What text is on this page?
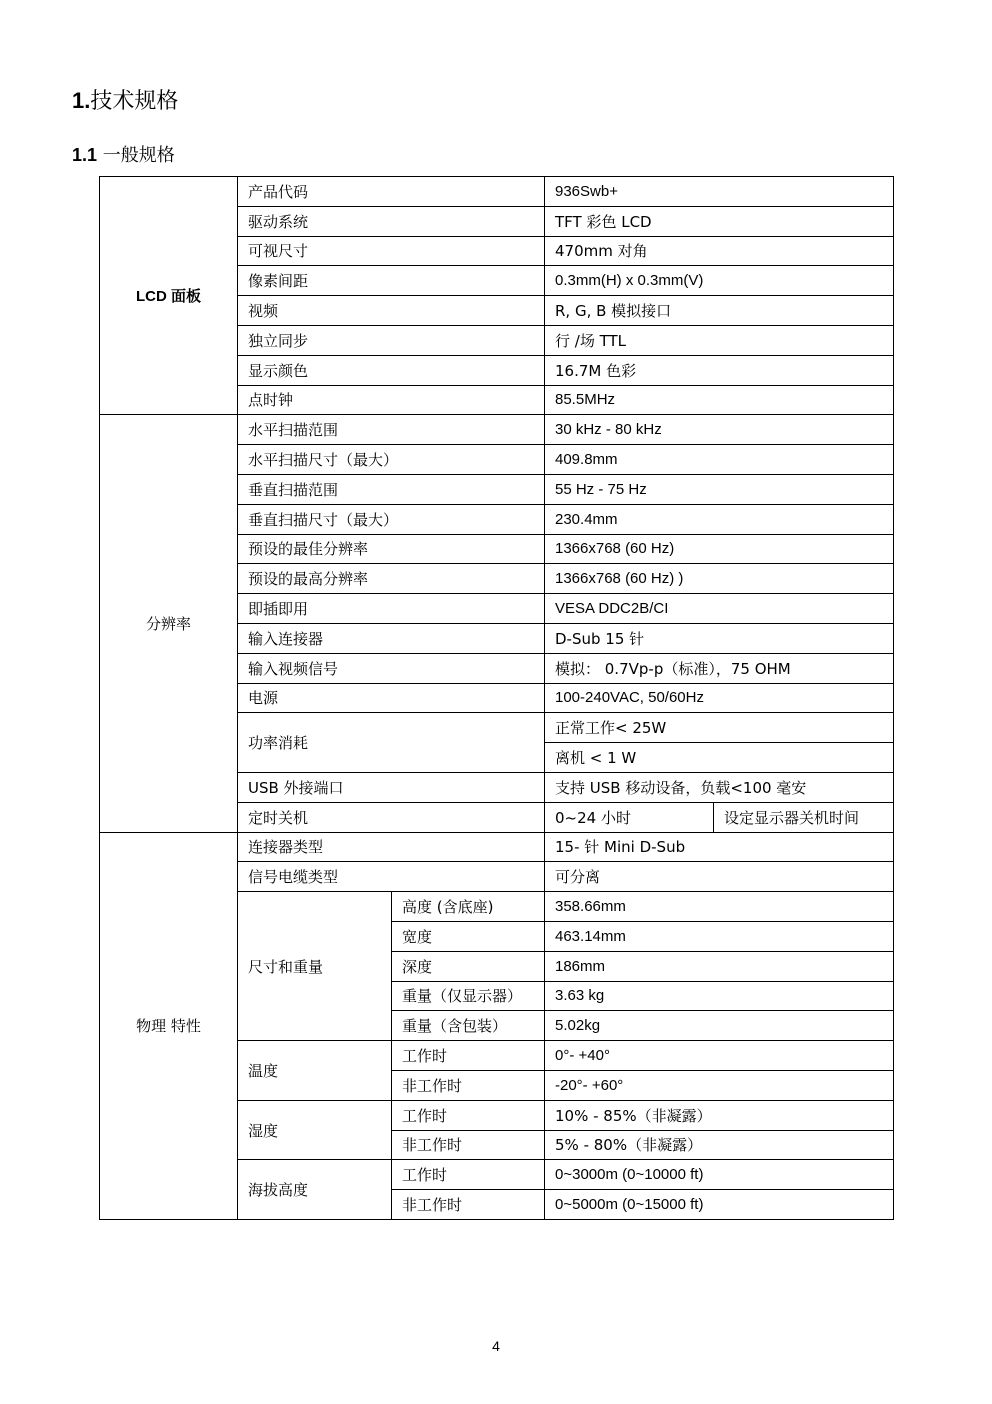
1.技术规格
1.1 一般规格
LCD 面板	产品代码		936Swb+	
	驱动系统		TFT 彩色 LCD	
	可视尺寸		470mm 对角	
	像素间距		0.3mm(H) x 0.3mm(V)	
	视频		R, G, B 模拟接口	
	独立同步		行 /场 TTL	
	显示颜色		16.7M 色彩	
	点时钟		85.5MHz	
分辨率	水平扫描范围		30 kHz - 80 kHz	
	水平扫描尺寸（最大）		409.8mm	
	垂直扫描范围		55 Hz - 75 Hz	
	垂直扫描尺寸（最大）		230.4mm	
	预设的最佳分辨率		1366x768 (60 Hz)	
	预设的最高分辨率		1366x768 (60 Hz) )	
	即插即用		VESA DDC2B/CI	
	输入连接器		D-Sub 15 针	
	输入视频信号		模拟： 0.7Vp-p（标准），75 OHM	
	电源		100-240VAC, 50/60Hz	
	功率消耗		正常工作< 25W	
			离机 < 1 W	
	USB 外接端口		支持 USB 移动设备，负载<100 毫安	
	定时关机		0~24 小时	设定显示器关机时间
物理 特性	连接器类型		15- 针 Mini D-Sub	
	信号电缆类型		可分离	
	尺寸和重量	高度 (含底座)	358.66mm	
		宽度	463.14mm	
		深度	186mm	
		重量（仅显示器）	3.63 kg	
		重量（含包装）	5.02kg	
	温度	工作时	0°- +40°	
		非工作时	-20°- +60°	
	湿度	工作时	10% - 85%（非凝露）	
		非工作时	5% - 80%（非凝露）	
	海拔高度	工作时	0~3000m (0~10000 ft)	
		非工作时	0~5000m (0~15000 ft)	
4
